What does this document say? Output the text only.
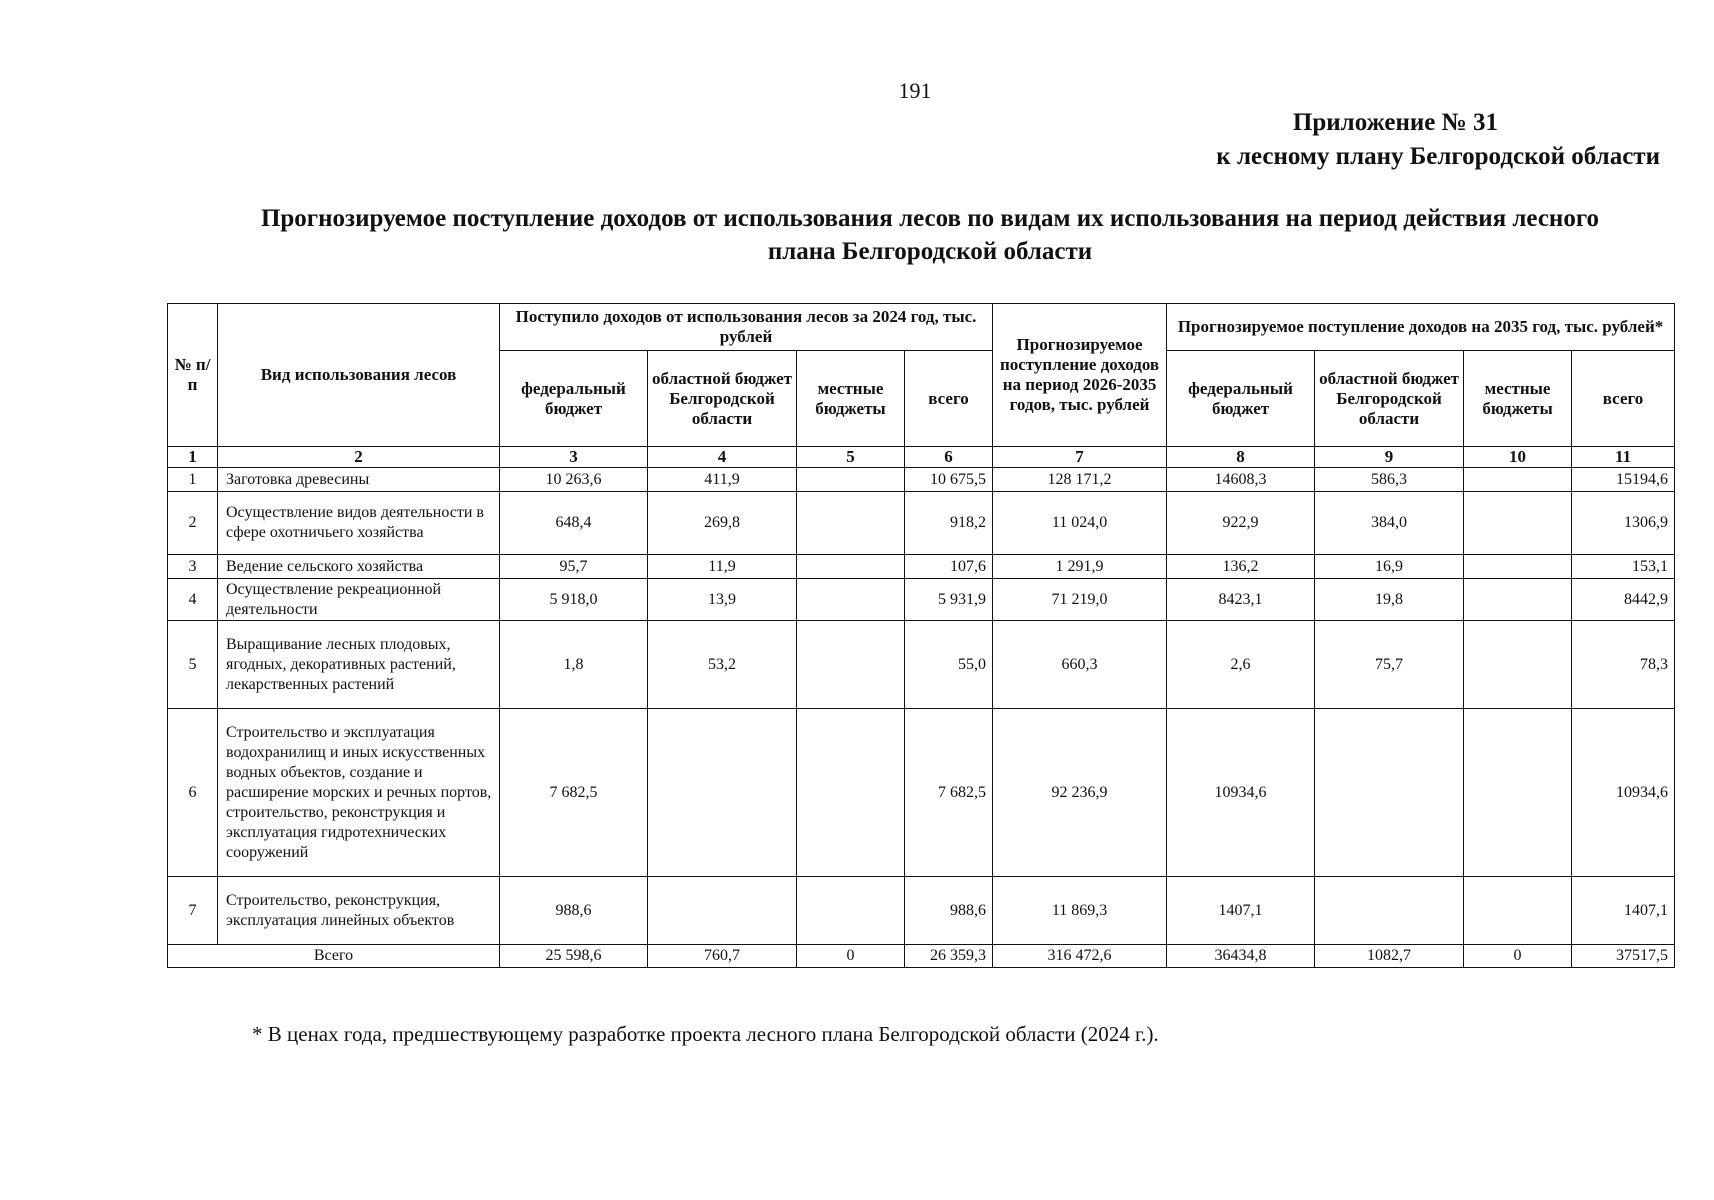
191
Приложение № 31
к лесному плану Белгородской области
Прогнозируемое поступление доходов от использования лесов по видам их использования на период действия лесного плана Белгородской области
№ п/п	Вид использования лесов	Поступило доходов от использования лесов за 2024 год, тыс. рублей				Прогнозируемое поступление доходов на период 2026-2035 годов, тыс. рублей	Прогнозируемое поступление доходов на 2035 год, тыс. рублей*			
		федеральный бюджет	областной бюджет Белгородской области	местные бюджеты	всего		федеральный бюджет	областной бюджет Белгородской области	местные бюджеты	всего
1	2	3	4	5	6	7	8	9	10	11
1	Заготовка древесины	10 263,6	411,9		10 675,5	128 171,2	14608,3	586,3		15194,6
2	Осуществление видов деятельности в сфере охотничьего хозяйства	648,4	269,8		918,2	11 024,0	922,9	384,0		1306,9
3	Ведение сельского хозяйства	95,7	11,9		107,6	1 291,9	136,2	16,9		153,1
4	Осуществление рекреационной деятельности	5 918,0	13,9		5 931,9	71 219,0	8423,1	19,8		8442,9
5	Выращивание лесных плодовых, ягодных, декоративных растений, лекарственных растений	1,8	53,2		55,0	660,3	2,6	75,7		78,3
6	Строительство и эксплуатация водохранилищ и иных искусственных водных объектов, создание и расширение морских и речных портов, строительство, реконструкция и эксплуатация гидротехнических сооружений	7 682,5			7 682,5	92 236,9	10934,6			10934,6
7	Строительство, реконструкция, эксплуатация линейных объектов	988,6			988,6	11 869,3	1407,1			1407,1
Всего		25 598,6	760,7	0	26 359,3	316 472,6	36434,8	1082,7	0	37517,5
* В ценах года, предшествующему разработке проекта лесного плана Белгородской области (2024 г.).
